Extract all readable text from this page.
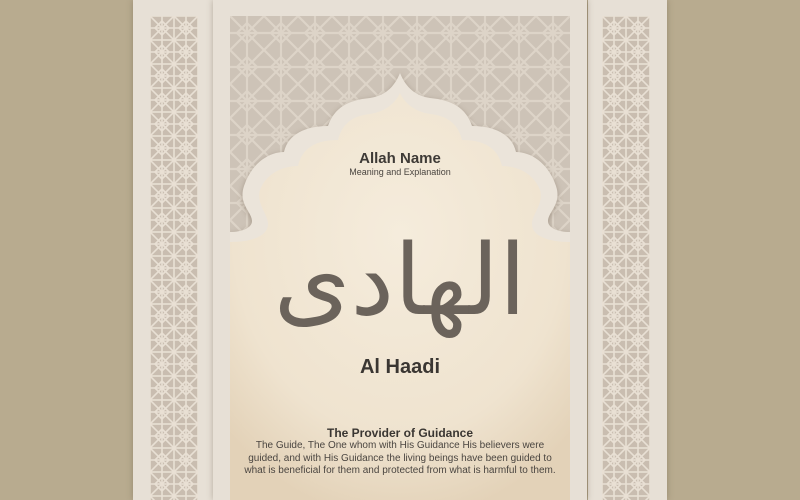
Allah Name
Meaning and Explanation
الهادى
Al Haadi
The Provider of Guidance
The Guide, The One whom with His Guidance His believers were guided, and with His Guidance the living beings have been guided to what is beneficial for them and protected from what is harmful to them.
